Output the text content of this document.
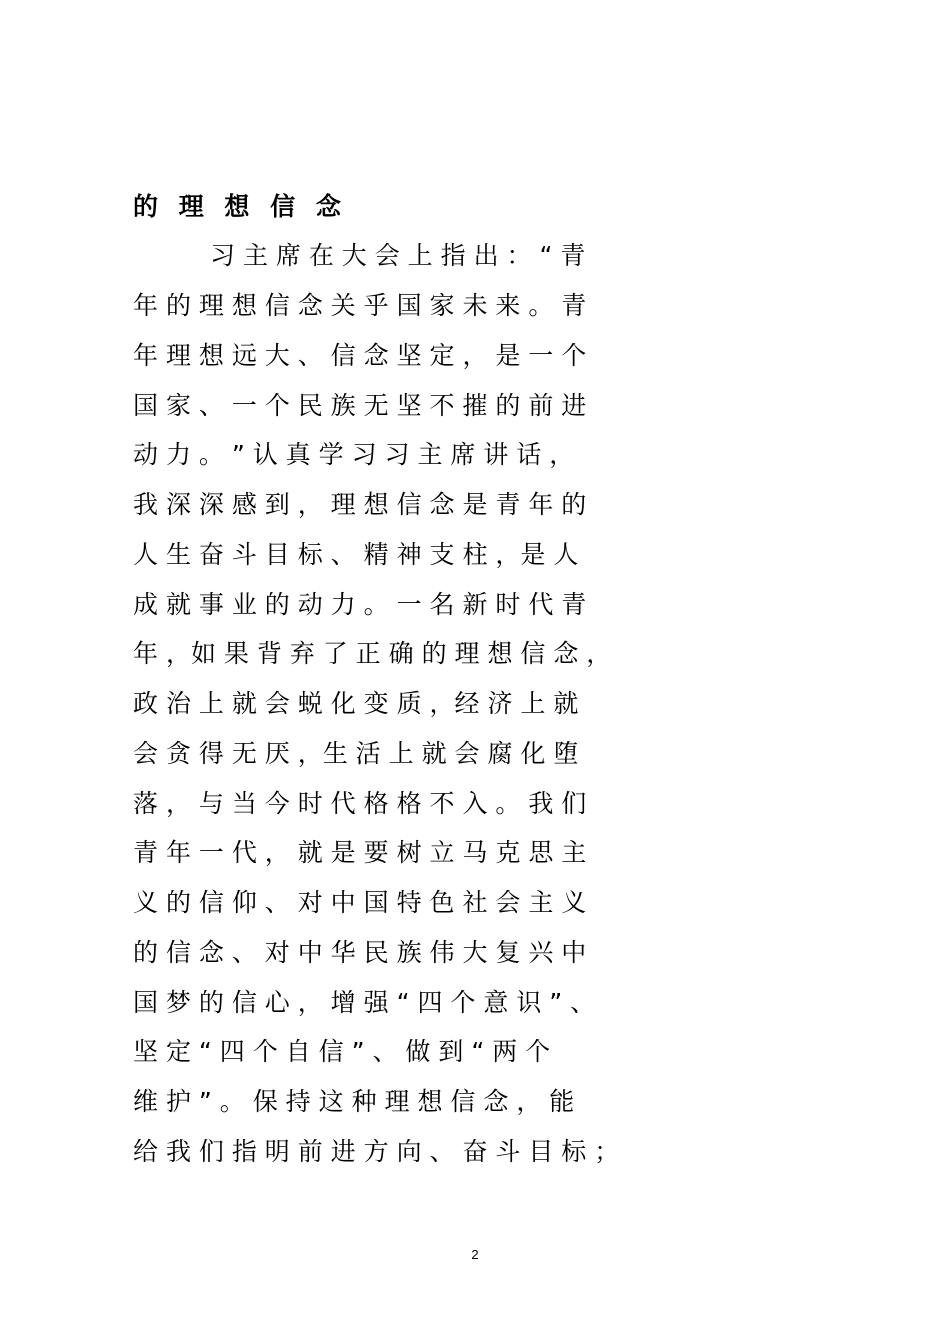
的 理 想 信 念
习 主 席 在 大 会 上 指 出 ： “ 青
年 的 理 想 信 念 关 乎 国 家 未 来 。 青
年 理 想 远 大 、 信 念 坚 定 ， 是 一 个
国 家 、 一 个 民 族 无 坚 不 摧 的 前 进
动 力 。 ” 认 真 学 习 习 主 席 讲 话 ，
我 深 深 感 到 ， 理 想 信 念 是 青 年 的
人 生 奋 斗 目 标 、 精 神 支 柱 ，是 人
成 就 事 业 的 动 力 。 一 名 新 时 代 青
年 ，如 果 背 弃 了 正 确 的 理 想 信 念 ，
政 治 上 就 会 蜕 化 变 质 ，经 济 上 就
会 贪 得 无 厌 ，生 活 上 就 会 腐 化 堕
落 ， 与 当 今 时 代 格 格 不 入 。 我 们
青 年 一 代 ， 就 是 要 树 立 马 克 思 主
义 的 信 仰 、 对 中 国 特 色 社 会 主 义
的 信 念 、 对 中 华 民 族 伟 大 复 兴 中
国 梦 的 信 心 ， 增 强 “ 四 个 意 识 ” 、
坚 定 “ 四 个 自 信 ” 、 做 到 “ 两 个
维 护 ” 。 保 持 这 种 理 想 信 念 ， 能
给 我 们 指 明 前 进 方 向 、 奋 斗 目 标 ；
2
